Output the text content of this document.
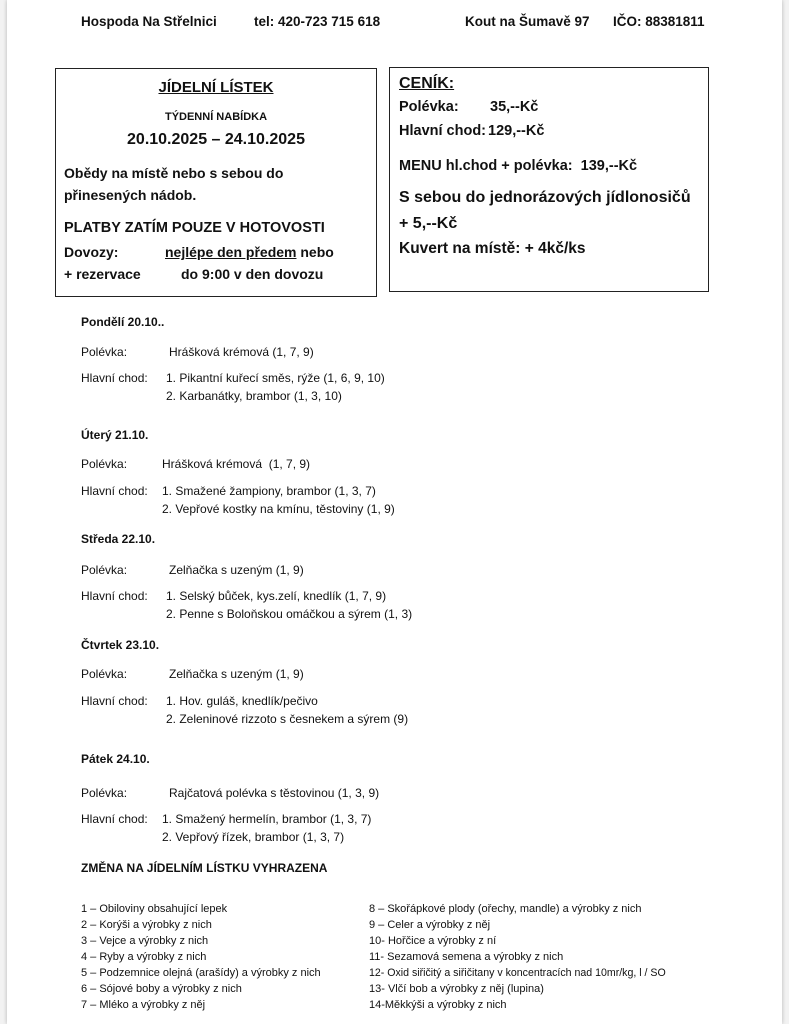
Hospoda Na Střelnici	tel: 420-723 715 618	Kout na Šumavě 97 IČO: 88381811
JÍDELNÍ LÍSTEK
TÝDENNÍ NABÍDKA
20.10.2025 – 24.10.2025
Obědy na místě nebo s sebou do
přinesených nádob.
PLATBY ZATÍM POUZE V HOTOVOSTI
Dovozy:	nejlépe den předem nebo
+ rezervace	do 9:00 v den dovozu
CENÍK:
Polévka: 35,--Kč
Hlavní chod: 129,--Kč
MENU hl.chod + polévka:  139,--Kč
S sebou do jednorázových jídlonosičů
+ 5,--Kč
Kuvert na místě: + 4kč/ks
Pondělí 20.10..
Polévka:	Hrášková krémová (1, 7, 9)
Hlavní chod: 1. Pikantní kuřecí směs, rýže (1, 6, 9, 10)
2. Karbanátky, brambor (1, 3, 10)
Úterý 21.10.
Polévka:	Hrášková krémová  (1, 7, 9)
Hlavní chod: 1. Smažené žampiony, brambor (1, 3, 7)
2. Vepřové kostky na kmínu, těstoviny (1, 9)
Středa 22.10.
Polévka:	Zelňačka s uzeným (1, 9)
Hlavní chod: 1. Selský bůček, kys.zelí, knedlík (1, 7, 9)
2. Penne s Boloňskou omáčkou a sýrem (1, 3)
Čtvrtek 23.10.
Polévka:	Zelňačka s uzeným (1, 9)
Hlavní chod: 1. Hov. guláš, knedlík/pečivo
2. Zeleninové rizzoto s česnekem a sýrem (9)
Pátek 24.10.
Polévka:	Rajčatová polévka s těstovinou (1, 3, 9)
Hlavní chod: 1. Smažený hermelín, brambor (1, 3, 7)
2. Vepřový řízek, brambor (1, 3, 7)
ZMĚNA NA JÍDELNÍM LÍSTKU VYHRAZENA
1 – Obiloviny obsahující lepek
2 – Korýši a výrobky z nich
3 – Vejce a výrobky z nich
4 – Ryby a výrobky z nich
5 – Podzemnice olejná (arašídy) a výrobky z nich
6 – Sójové boby a výrobky z nich
7 – Mléko a výrobky z něj
8 – Skořápkové plody (ořechy, mandle) a výrobky z nich
9 – Celer a výrobky z něj
10- Hořčice a výrobky z ní
11- Sezamová semena a výrobky z nich
12- Oxid siřičitý a siřičitany v koncentracích nad 10mr/kg, l / SO
13- Vlčí bob a výrobky z něj (lupina)
14-Měkkýši a výrobky z nich
